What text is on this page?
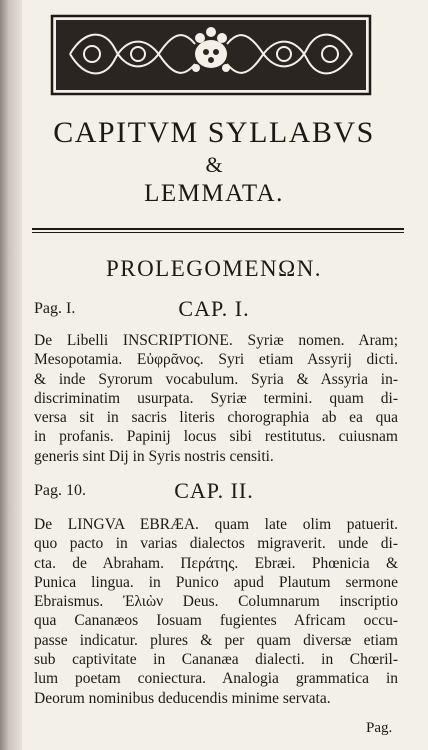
CAPITVM SYLLABVS
&
LEMMATA.
PROLEGOMENΩN.
Pag. I.	CAP. I.
De Libelli INSCRIPTIONE. Syriæ nomen. Aram;
Mesopotamia. Εὐφρᾶνος. Syri etiam Assyrij dicti.
& inde Syrorum vocabulum. Syria & Assyria in-
discriminatim usurpata. Syriæ termini. quam di-
versa sit in sacris literis chorographia ab ea qua
in profanis. Papinij locus sibi restitutus. cuiusnam
generis sint Dij in Syris nostris censiti.
Pag. 10.	CAP. II.
De LINGVA EBRÆA. quam late olim patuerit.
quo pacto in varias dialectos migraverit. unde di-
cta. de Abraham. Περάτης. Ebræi. Phœnicia &
Punica lingua. in Punico apud Plautum sermone
Ebraismus. Ἐλιὼν Deus. Columnarum inscriptio
qua Cananæos Iosuam fugientes Africam occu-
passe indicatur. plures & per quam diversæ etiam
sub captivitate in Cananæa dialecti. in Chœril-
lum poetam coniectura. Analogia grammatica in
Deorum nominibus deducendis minime servata.
Pag.
